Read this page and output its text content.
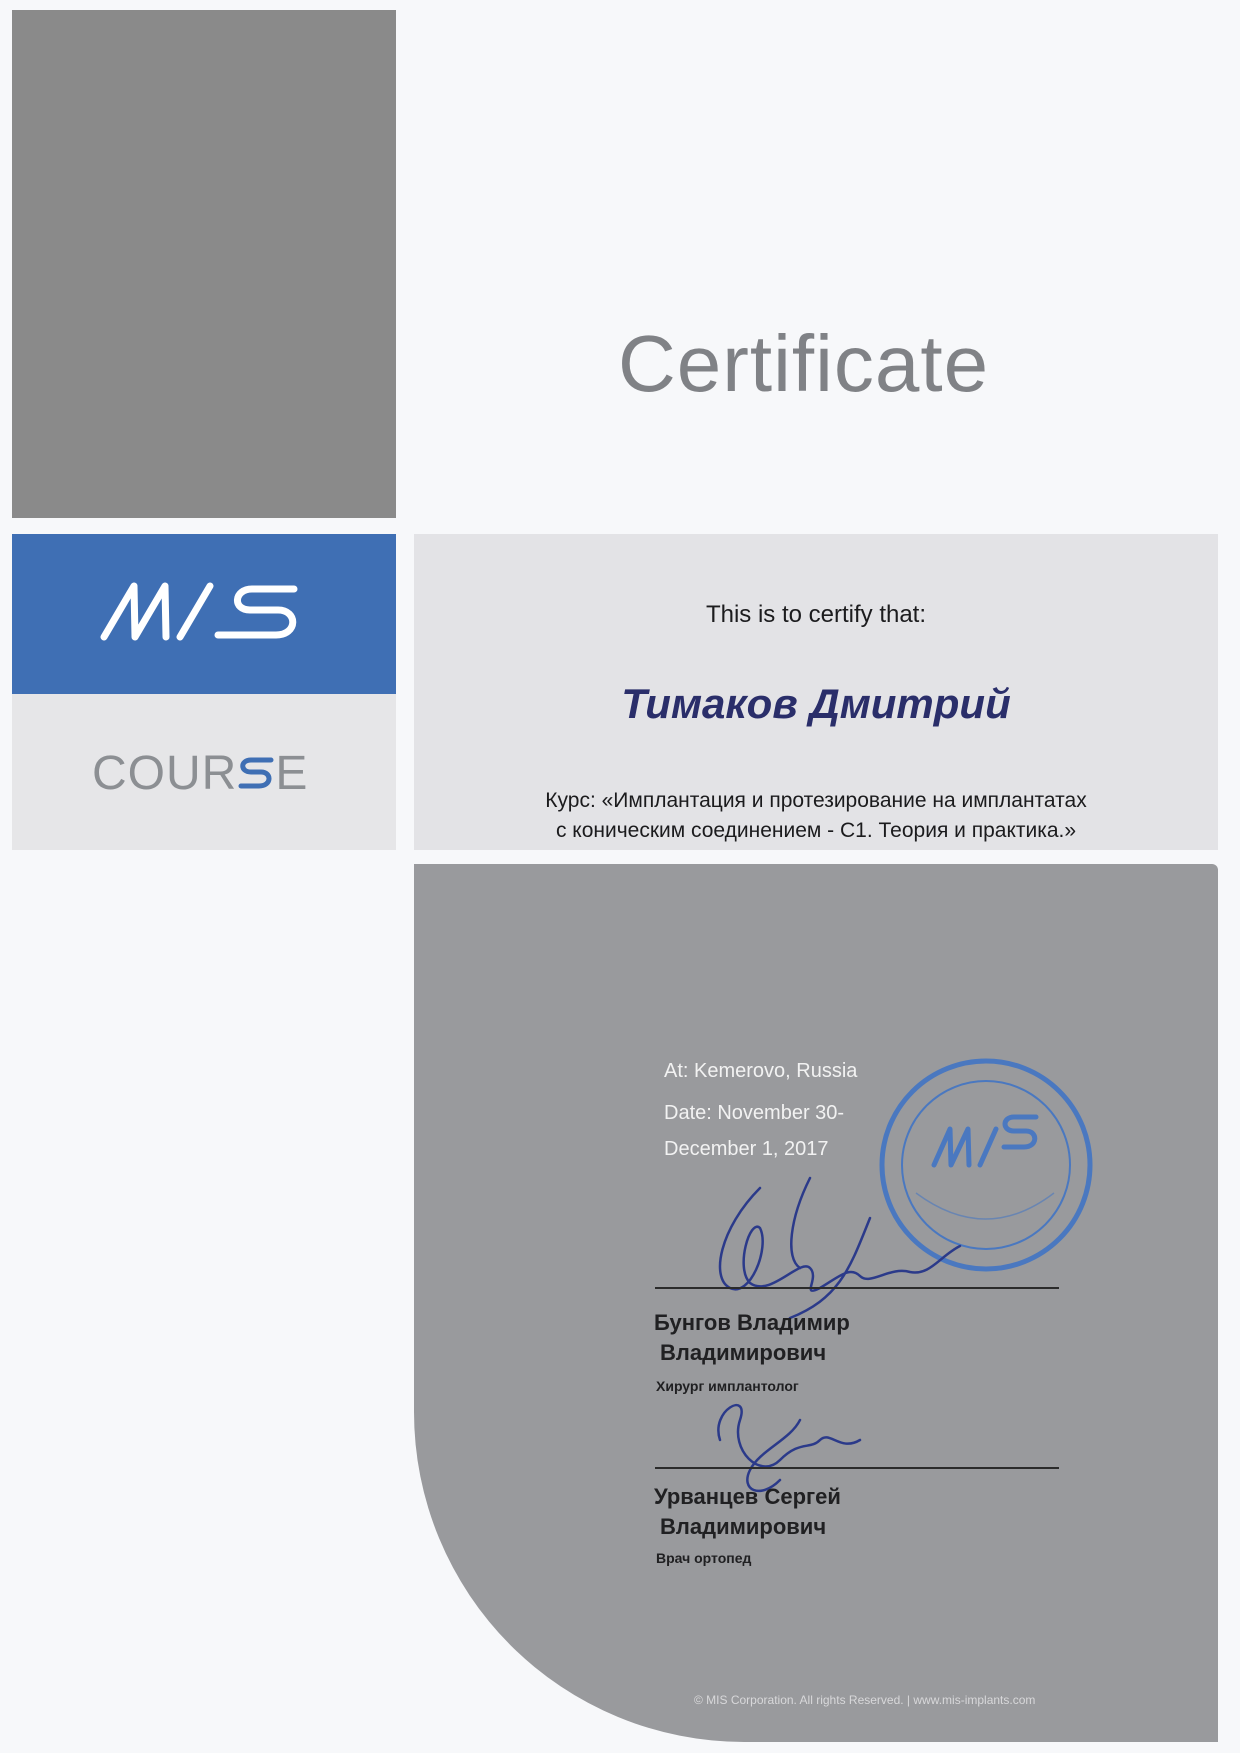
COUR E
Certificate
This is to certify that:
Тимаков Дмитрий
Курс: «Имплантация и протезирование на имплантатах
с коническим соединением - С1. Теория и практика.»
At: Kemerovo, Russia
Date: November 30-
December 1, 2017
Бунгов Владимир
Владимирович
Хирург имплантолог
Урванцев Сергей
Владимирович
Врач ортопед
© MIS Corporation. All rights Reserved. | www.mis-implants.com
